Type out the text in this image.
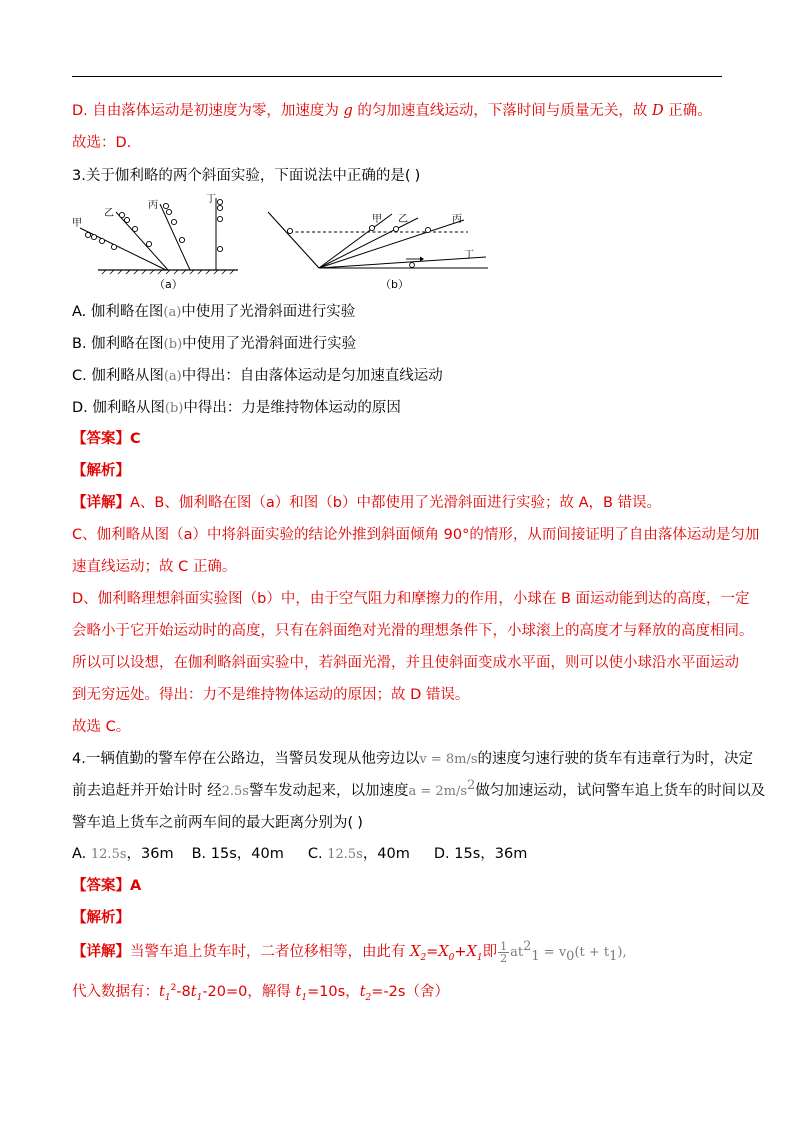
D. 自由落体运动是初速度为零，加速度为 g 的匀加速直线运动，下落时间与质量无关，故 D 正确。
故选：D.
3.关于伽利略的两个斜面实验，下面说法中正确的是( )
甲
乙
丙
丁
（a）
甲 乙	丙
丁
（b）
A. 伽利略在图(a)中使用了光滑斜面进行实验
B. 伽利略在图(b)中使用了光滑斜面进行实验
C. 伽利略从图(a)中得出：自由落体运动是匀加速直线运动
D. 伽利略从图(b)中得出：力是维持物体运动的原因
【答案】C
【解析】
【详解】A、B、伽利略在图（a）和图（b）中都使用了光滑斜面进行实验；故 A，B 错误。
C、伽利略从图（a）中将斜面实验的结论外推到斜面倾角 90°的情形，从而间接证明了自由落体运动是匀加
速直线运动；故 C 正确。
D、伽利略理想斜面实验图（b）中，由于空气阻力和摩擦力的作用，小球在 B 面运动能到达的高度，一定
会略小于它开始运动时的高度，只有在斜面绝对光滑的理想条件下，小球滚上的高度才与释放的高度相同。
所以可以设想，在伽利略斜面实验中，若斜面光滑，并且使斜面变成水平面，则可以使小球沿水平面运动
到无穷远处。得出：力不是维持物体运动的原因；故 D 错误。
故选 C。
4.一辆值勤的警车停在公路边，当警员发现从他旁边以v = 8m/s的速度匀速行驶的货车有违章行为时，决定
前去追赶并开始计时 经2.5s警车发动起来，以加速度$a = 2m/s^2$做匀加速运动，试问警车追上货车的时间以及
警车追上货车之前两车间的最大距离分别为( )
A. 12.5s，36m B. 15s，40m C. 12.5s，40m D. 15s，36m
【答案】A
【解析】
【详解】当警车追上货车时，二者位移相等，由此有 $X_2=X_0+X_1$即 $\frac{1}{2} at^2_1 = v_0(t + t_1)$,
代入数据有：$t_1^2-8t_1-20=0$，解得 $t_1=10s$，$t_2=-2s$（舍）
